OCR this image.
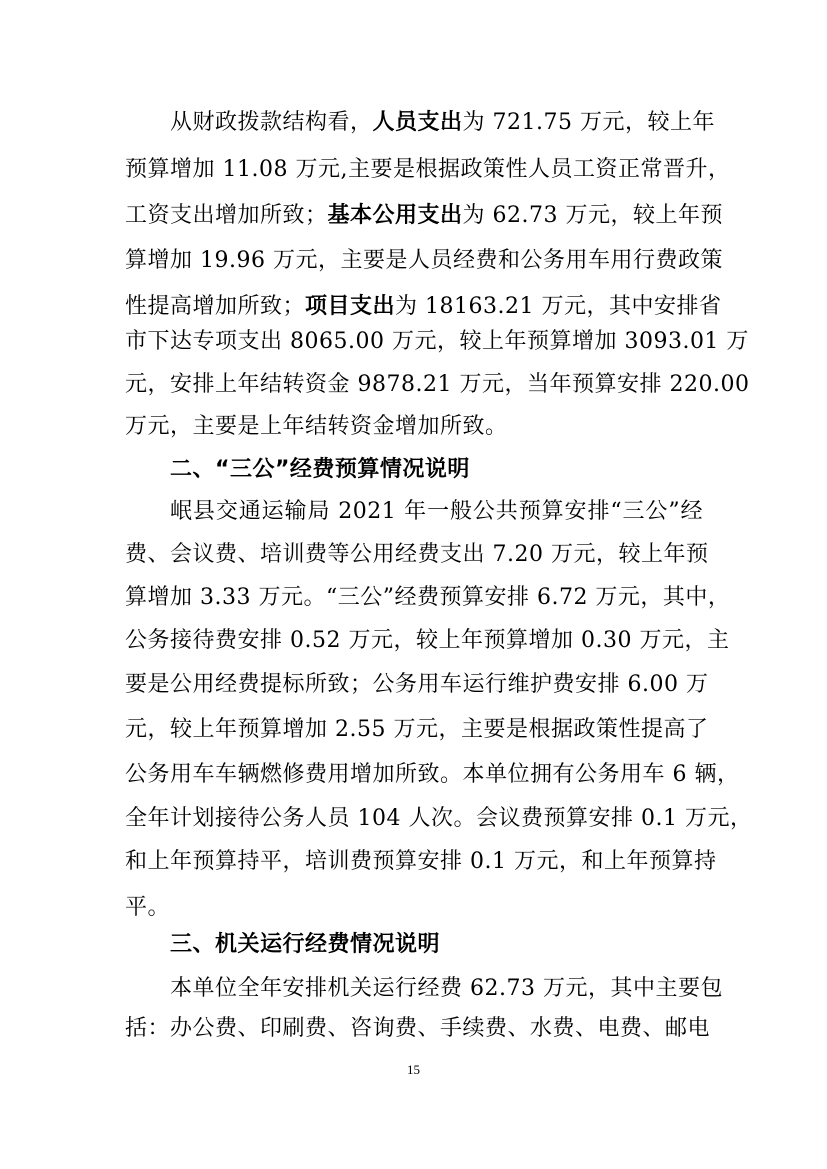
从财政拨款结构看，人员支出为 721.75 万元，较上年
预算增加 11.08 万元,主要是根据政策性人员工资正常晋升，
工资支出增加所致；基本公用支出为 62.73 万元，较上年预
算增加 19.96 万元，主要是人员经费和公务用车用行费政策
性提高增加所致；项目支出为 18163.21 万元，其中安排省
市下达专项支出 8065.00 万元，较上年预算增加 3093.01 万
元，安排上年结转资金 9878.21 万元，当年预算安排 220.00
万元，主要是上年结转资金增加所致。
二、“三公”经费预算情况说明
岷县交通运输局 2021 年一般公共预算安排“三公”经
费、会议费、培训费等公用经费支出 7.20 万元，较上年预
算增加 3.33 万元。“三公”经费预算安排 6.72 万元，其中，
公务接待费安排 0.52 万元，较上年预算增加 0.30 万元，主
要是公用经费提标所致；公务用车运行维护费安排 6.00 万
元，较上年预算增加 2.55 万元，主要是根据政策性提高了
公务用车车辆燃修费用增加所致。本单位拥有公务用车 6 辆，
全年计划接待公务人员 104 人次。会议费预算安排 0.1 万元，
和上年预算持平，培训费预算安排 0.1 万元，和上年预算持
平。
三、机关运行经费情况说明
本单位全年安排机关运行经费 62.73 万元，其中主要包
括：办公费、印刷费、咨询费、手续费、水费、电费、邮电
15
